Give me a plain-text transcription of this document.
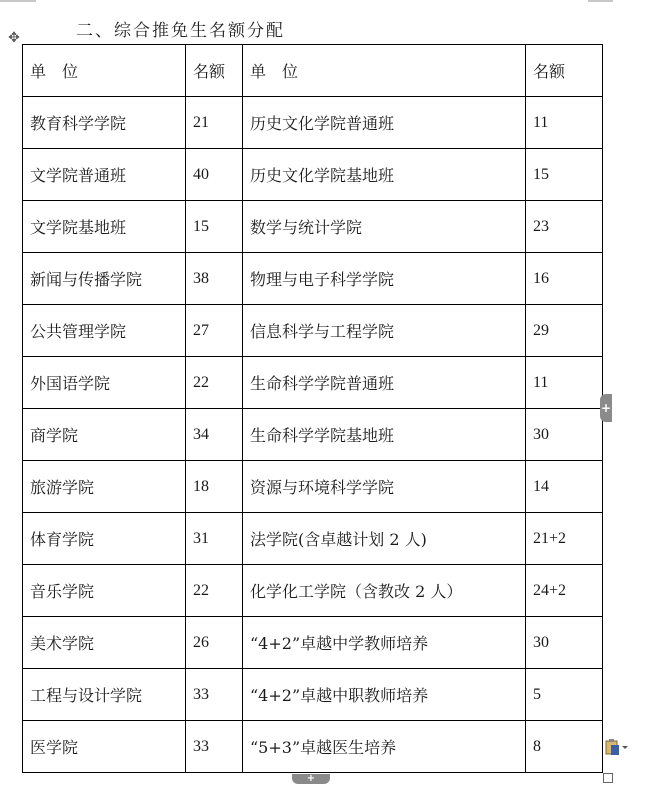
二、综合推免生名额分配
✥
单　位	名额	单　位	名额
教育科学学院	21	历史文化学院普通班	11
文学院普通班	40	历史文化学院基地班	15
文学院基地班	15	数学与统计学院	23
新闻与传播学院	38	物理与电子科学学院	16
公共管理学院	27	信息科学与工程学院	29
外国语学院	22	生命科学学院普通班	11
商学院	34	生命科学学院基地班	30
旅游学院	18	资源与环境科学学院	14
体育学院	31	法学院(含卓越计划 2 人)	21+2
音乐学院	22	化学化工学院（含教改 2 人）	24+2
美术学院	26	“4+2”卓越中学教师培养	30
工程与设计学院	33	“4+2”卓越中职教师培养	5
医学院	33	“5+3”卓越医生培养	8
+
+
